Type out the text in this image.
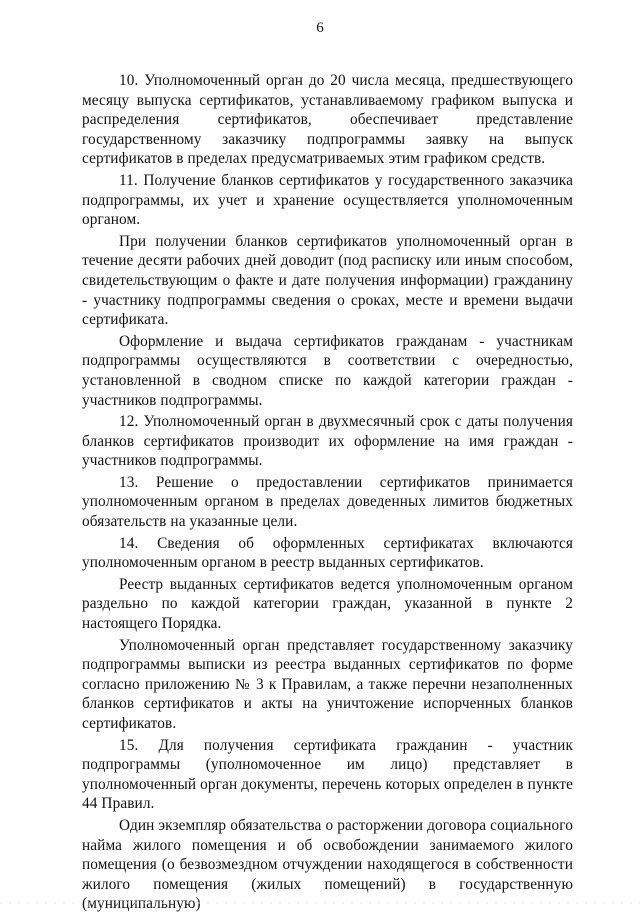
6

10. Уполномоченный орган до 20 числа месяца, предшествующего месяцу выпуска сертификатов, устанавливаемому графиком выпуска и распределения сертификатов, обеспечивает представление государственному заказчику подпрограммы заявку на выпуск сертификатов в пределах предусматриваемых этим графиком средств.

11. Получение бланков сертификатов у государственного заказчика подпрограммы, их учет и хранение осуществляется уполномоченным органом.

При получении бланков сертификатов уполномоченный орган в течение десяти рабочих дней доводит (под расписку или иным способом, свидетельствующим о факте и дате получения информации) гражданину - участнику подпрограммы сведения о сроках, месте и времени выдачи сертификата.

Оформление и выдача сертификатов гражданам - участникам подпрограммы осуществляются в соответствии с очередностью, установленной в сводном списке по каждой категории граждан - участников подпрограммы.

12. Уполномоченный орган в двухмесячный срок с даты получения бланков сертификатов производит их оформление на имя граждан - участников подпрограммы.

13. Решение о предоставлении сертификатов принимается уполномоченным органом в пределах доведенных лимитов бюджетных обязательств на указанные цели.

14. Сведения об оформленных сертификатах включаются уполномоченным органом в реестр выданных сертификатов.

Реестр выданных сертификатов ведется уполномоченным органом раздельно по каждой категории граждан, указанной в пункте 2 настоящего Порядка.

Уполномоченный орган представляет государственному заказчику подпрограммы выписки из реестра выданных сертификатов по форме согласно приложению № 3 к Правилам, а также перечни незаполненных бланков сертификатов и акты на уничтожение испорченных бланков сертификатов.

15. Для получения сертификата гражданин - участник подпрограммы (уполномоченное им лицо) представляет в уполномоченный орган документы, перечень которых определен в пункте 44 Правил.

Один экземпляр обязательства о расторжении договора социального найма жилого помещения и об освобождении занимаемого жилого помещения (о безвозмездном отчуждении находящегося в собственности жилого помещения (жилых помещений) в государственную (муниципальную)
